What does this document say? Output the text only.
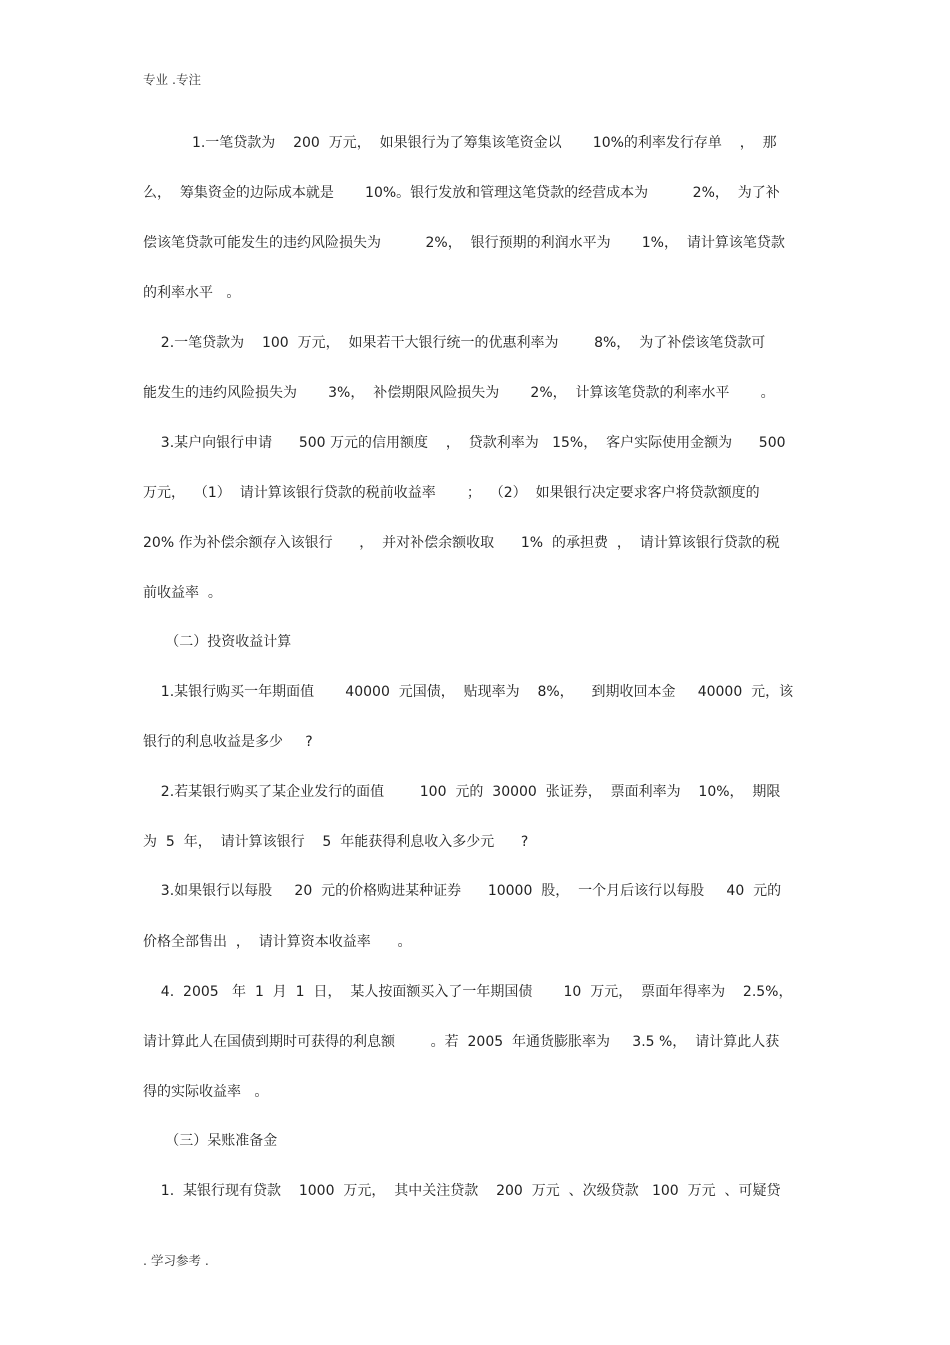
专业 .专注
1.一笔贷款为    200  万元，  如果银行为了筹集该笔资金以       10%的利率发行存单    ，  那
么，  筹集资金的边际成本就是       10%。银行发放和管理这笔贷款的经营成本为          2%，  为了补
偿该笔贷款可能发生的违约风险损失为          2%，  银行预期的利润水平为       1%，  请计算该笔贷款
的利率水平   。
2.一笔贷款为    100  万元，  如果若干大银行统一的优惠利率为        8%，  为了补偿该笔贷款可
能发生的违约风险损失为       3%，  补偿期限风险损失为       2%，  计算该笔贷款的利率水平       。
3.某户向银行申请      500 万元的信用额度    ，  贷款利率为   15%，  客户实际使用金额为      500
万元，  （1）  请计算该银行贷款的税前收益率       ；  （2）  如果银行决定要求客户将贷款额度的
20% 作为补偿余额存入该银行      ，  并对补偿余额收取      1%  的承担费  ，  请计算该银行贷款的税
前收益率  。
（二）投资收益计算
1.某银行购买一年期面值       40000  元国债，  贴现率为    8%，    到期收回本金     40000  元，该
银行的利息收益是多少     ?
2.若某银行购买了某企业发行的面值        100  元的  30000  张证券，  票面利率为    10%，  期限
为  5  年，  请计算该银行    5  年能获得利息收入多少元      ?
3.如果银行以每股     20  元的价格购进某种证券      10000  股，  一个月后该行以每股     40  元的
价格全部售出  ，  请计算资本收益率      。
4.  2005   年  1  月  1  日，  某人按面额买入了一年期国债       10  万元，  票面年得率为    2.5%，
请计算此人在国债到期时可获得的利息额        。若  2005  年通货膨胀率为     3.5 %，  请计算此人获
得的实际收益率   。
（三）呆账准备金
1.  某银行现有贷款    1000  万元，  其中关注贷款    200  万元  、次级贷款   100  万元  、可疑贷
. 学习参考 .
